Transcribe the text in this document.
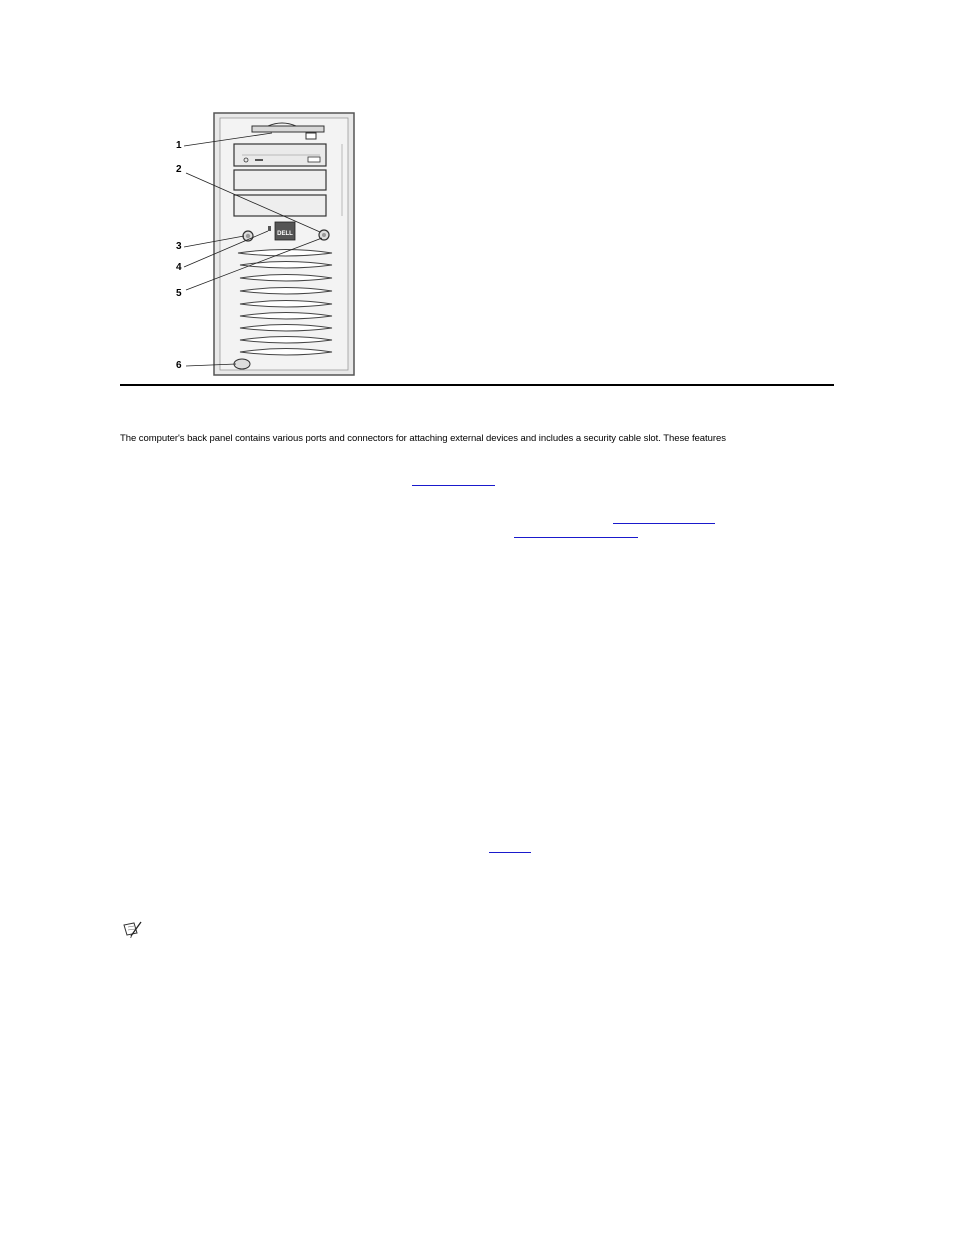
DELL
1
2
3
4
5
6
The computer's back panel contains various ports and connectors for attaching external devices and includes a security cable slot. These features
